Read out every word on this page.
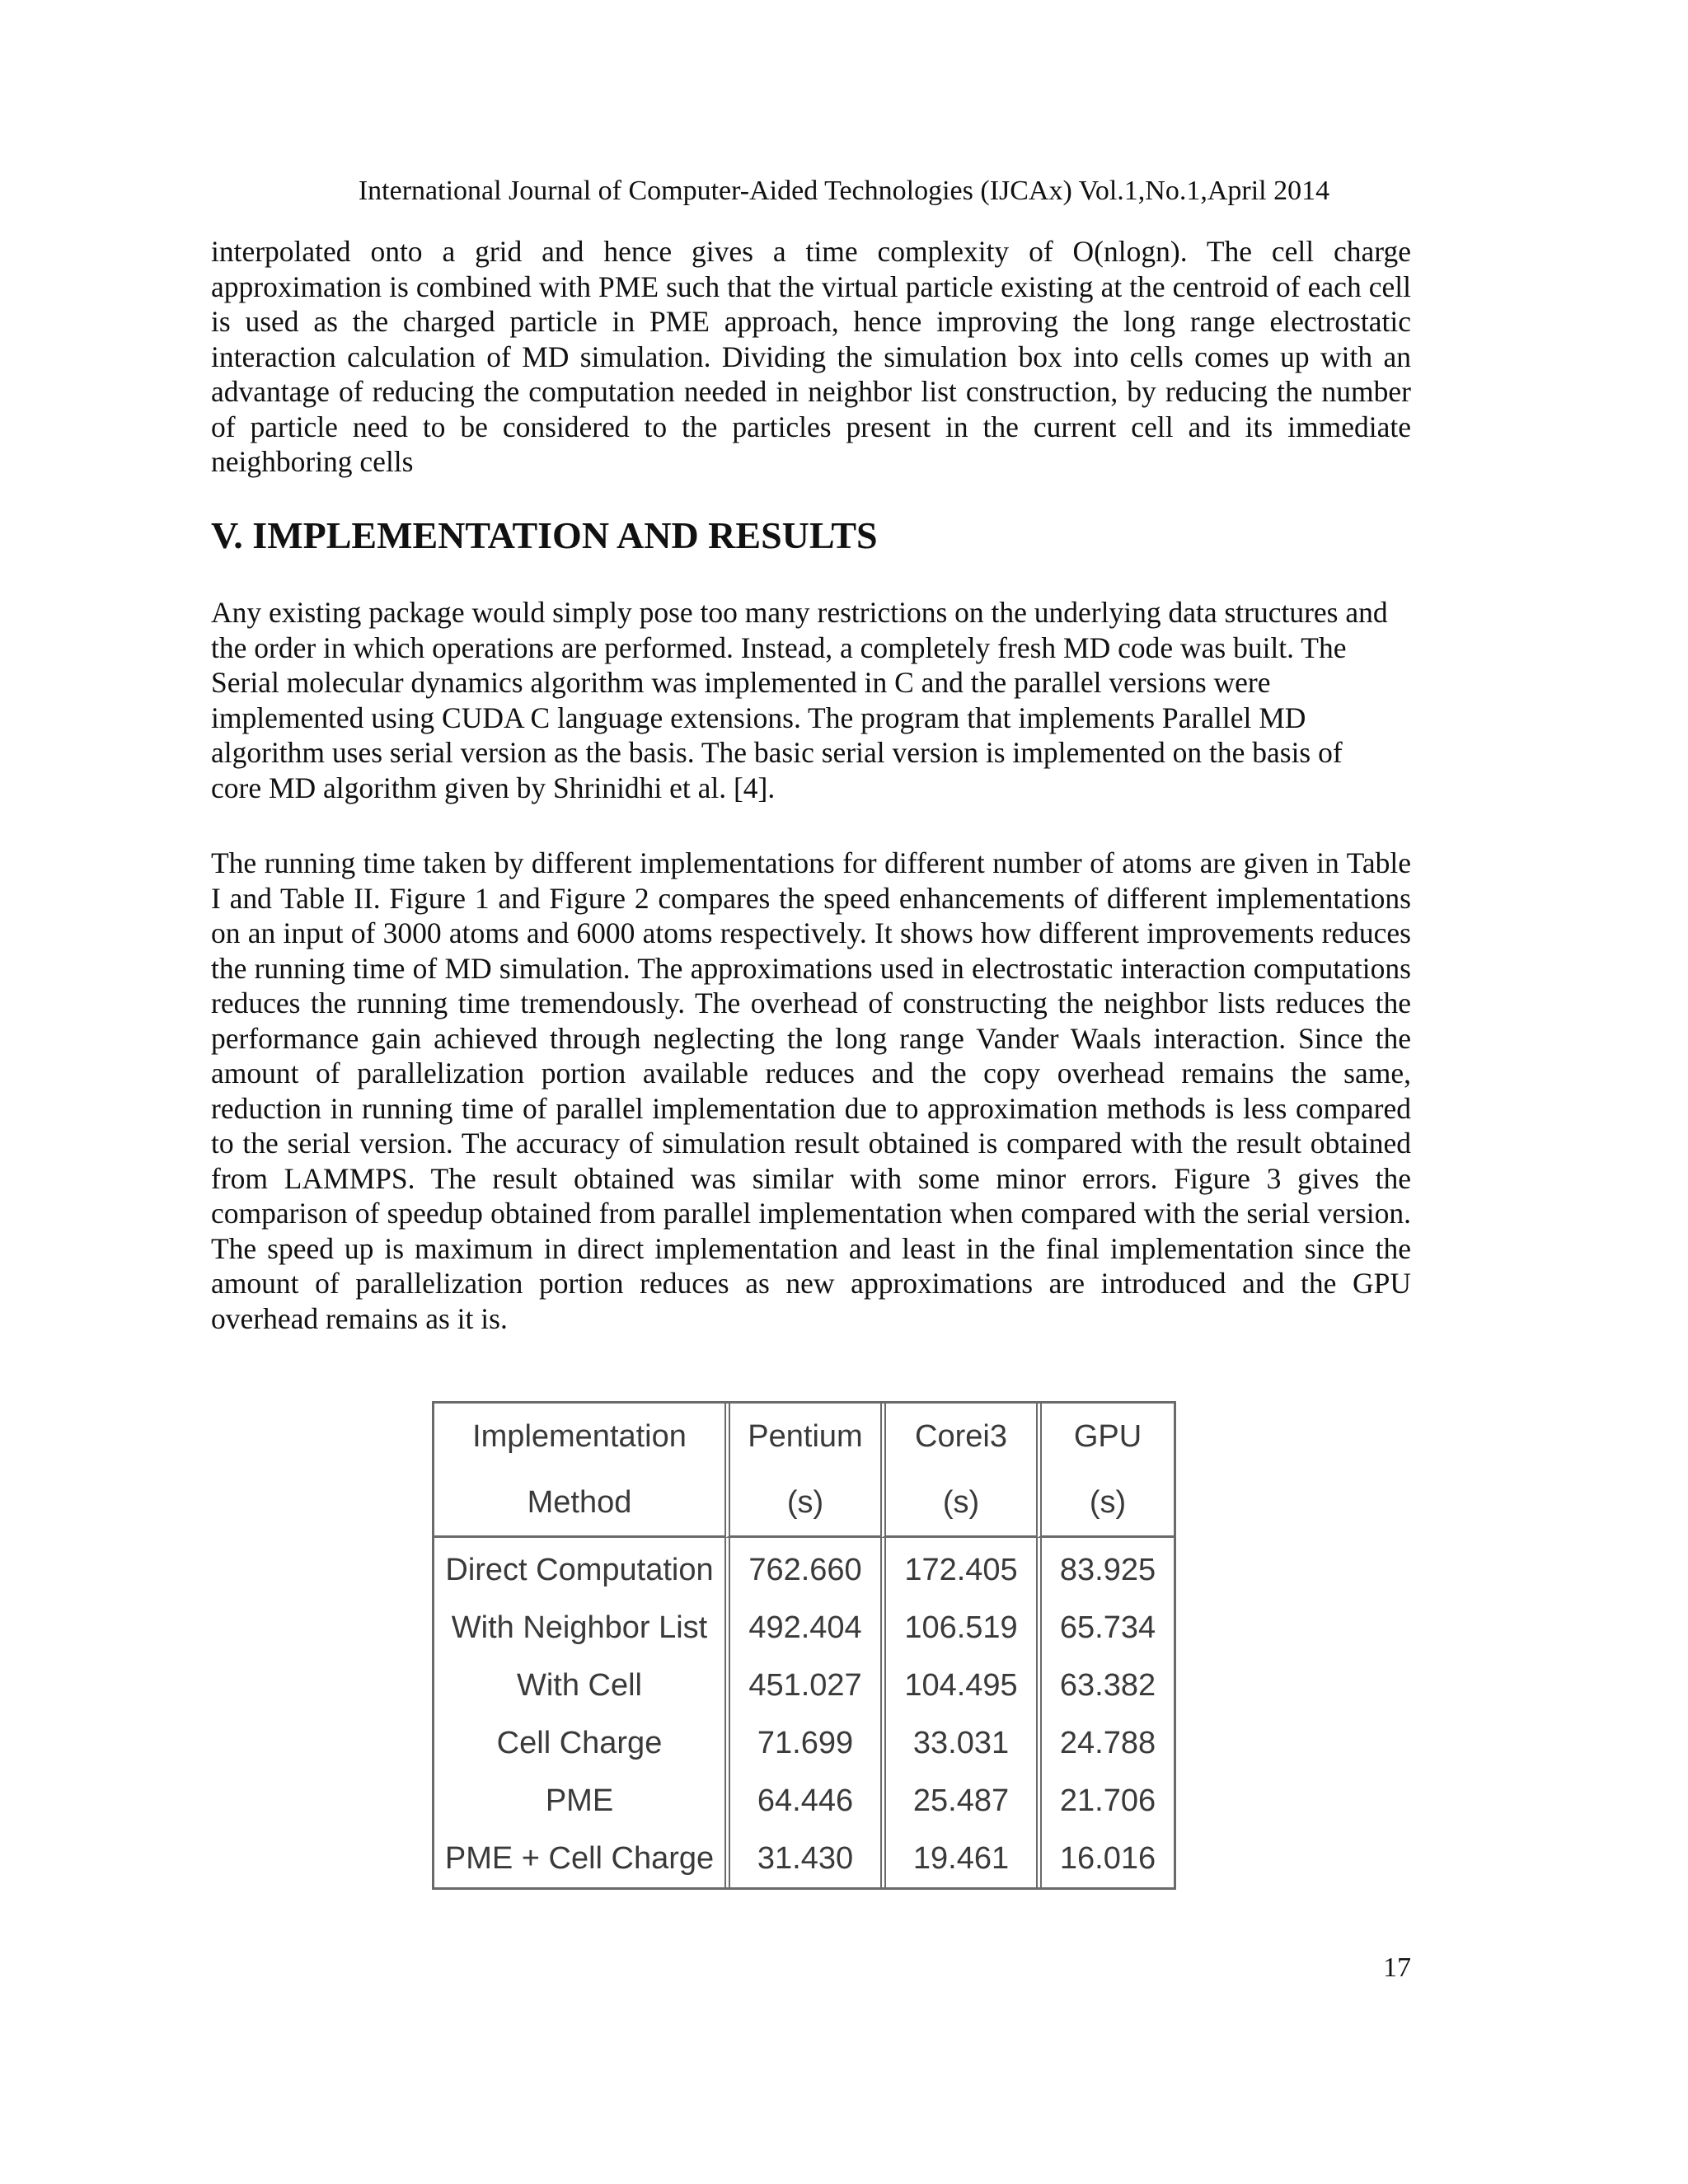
International Journal of Computer-Aided Technologies (IJCAx) Vol.1,No.1,April 2014

interpolated onto a grid and hence gives a time complexity of O(nlogn). The cell charge approximation is combined with PME such that the virtual particle existing at the centroid of each cell is used as the charged particle in PME approach, hence improving the long range electrostatic interaction calculation of MD simulation. Dividing the simulation box into cells comes up with an advantage of reducing the computation needed in neighbor list construction, by reducing the number of particle need to be considered to the particles present in the current cell and its immediate neighboring cells

V. IMPLEMENTATION AND RESULTS

Any existing package would simply pose too many restrictions on the underlying data structures and the order in which operations are performed. Instead, a completely fresh MD code was built. The Serial molecular dynamics algorithm was implemented in C and the parallel versions were implemented using CUDA C language extensions. The program that implements Parallel MD algorithm uses serial version as the basis. The basic serial version is implemented on the basis of core MD algorithm given by Shrinidhi et al. [4].

The running time taken by different implementations for different number of atoms are given in Table I and Table II. Figure 1 and Figure 2 compares the speed enhancements of different implementations on an input of 3000 atoms and 6000 atoms respectively. It shows how different improvements reduces the running time of MD simulation. The approximations used in electrostatic interaction computations reduces the running time tremendously. The overhead of constructing the neighbor lists reduces the performance gain achieved through neglecting the long range Vander Waals interaction. Since the amount of parallelization portion available reduces and the copy overhead remains the same, reduction in running time of parallel implementation due to approximation methods is less compared to the serial version. The accuracy of simulation result obtained is compared with the result obtained from LAMMPS. The result obtained was similar with some minor errors. Figure 3 gives the comparison of speedup obtained from parallel implementation when compared with the serial version. The speed up is maximum in direct implementation and least in the final implementation since the amount of parallelization portion reduces as new approximations are introduced and the GPU overhead remains as it is.

Implementation	Pentium	Corei3	GPU
Method	(s)	(s)	(s)
Direct Computation	762.660	172.405	83.925
With Neighbor List	492.404	106.519	65.734
With Cell	451.027	104.495	63.382
Cell Charge	71.699	33.031	24.788
PME	64.446	25.487	21.706
PME + Cell Charge	31.430	19.461	16.016
17
